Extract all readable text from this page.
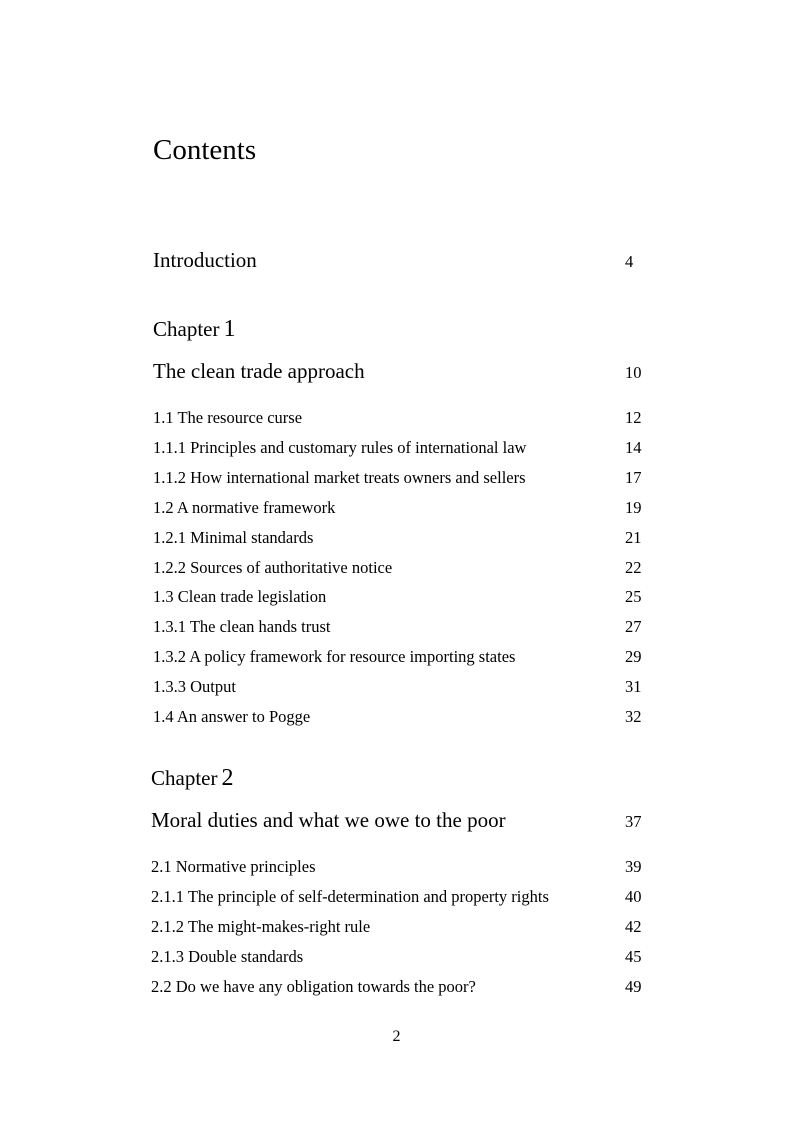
Contents
Introduction	4
Chapter 1
The clean trade approach	10
1.1 The resource curse	12
1.1.1 Principles and customary rules of international law	14
1.1.2 How international market treats owners and sellers	17
1.2 A normative framework	19
1.2.1 Minimal standards	21
1.2.2 Sources of authoritative notice	22
1.3 Clean trade legislation	25
1.3.1 The clean hands trust	27
1.3.2 A policy framework for resource importing states	29
1.3.3 Output	31
1.4 An answer to Pogge	32
Chapter 2
Moral duties and what we owe to the poor	37
2.1 Normative principles	39
2.1.1 The principle of self-determination and property rights	40
2.1.2 The might-makes-right rule	42
2.1.3 Double standards	45
2.2 Do we have any obligation towards the poor?	49
2
